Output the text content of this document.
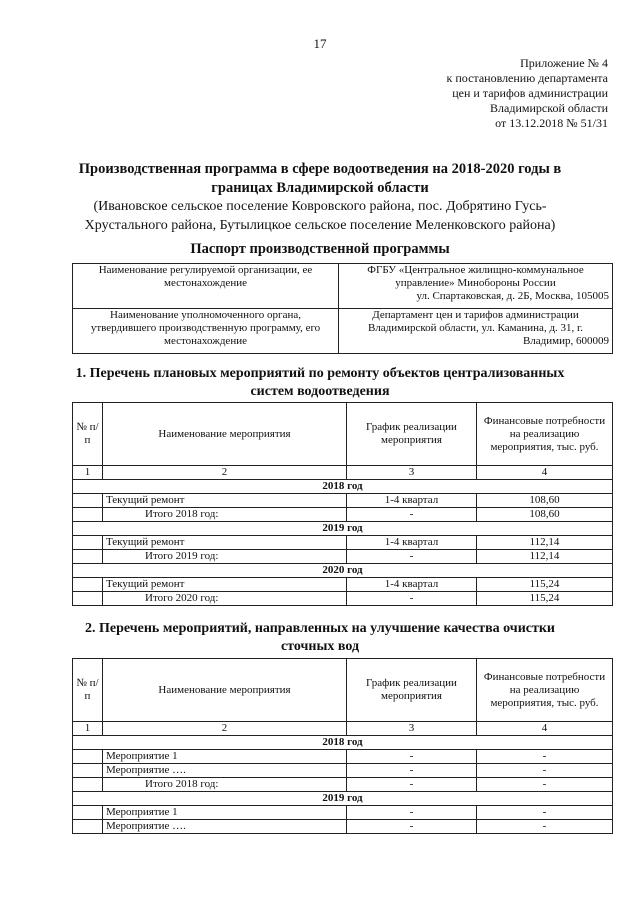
17
Приложение № 4
к постановлению департамента
цен и тарифов администрации
Владимирской области
от 13.12.2018 № 51/31
Производственная программа в сфере водоотведения на 2018-2020 годы в границах Владимирской области
(Ивановское сельское поселение Ковровского района, пос. Добрятино Гусь-Хрустального района, Бутылицкое сельское поселение Меленковского района)
Паспорт производственной программы
Наименование регулируемой организации, ее местонахождение	ФГБУ «Центральное жилищно-коммунальное управление» Минобороны России
ул. Спартаковская, д. 2Б, Москва, 105005

Наименование уполномоченного органа, утвердившего производственную программу, его местонахождение	Департамент цен и тарифов администрации Владимирской области, ул. Каманина, д. 31, г.
Владимир, 600009
1. Перечень плановых мероприятий по ремонту объектов централизованных систем водоотведения
№ п/п	Наименование мероприятия	График реализации мероприятия	Финансовые потребности на реализацию мероприятия, тыс. руб.
1	2	3	4
2018 год			
	Текущий ремонт	1-4 квартал	108,60
	Итого 2018 год:	-	108,60
2019 год			
	Текущий ремонт	1-4 квартал	112,14
	Итого 2019 год:	-	112,14
2020 год			
	Текущий ремонт	1-4 квартал	115,24
	Итого 2020 год:	-	115,24
2. Перечень мероприятий, направленных на улучшение качества очистки сточных вод
№ п/п	Наименование мероприятия	График реализации мероприятия	Финансовые потребности на реализацию мероприятия, тыс. руб.
1	2	3	4
2018 год			
	Мероприятие 1	-	-
	Мероприятие ….	-	-
	Итого 2018 год:	-	-
2019 год			
	Мероприятие 1	-	-
	Мероприятие ….	-	-
